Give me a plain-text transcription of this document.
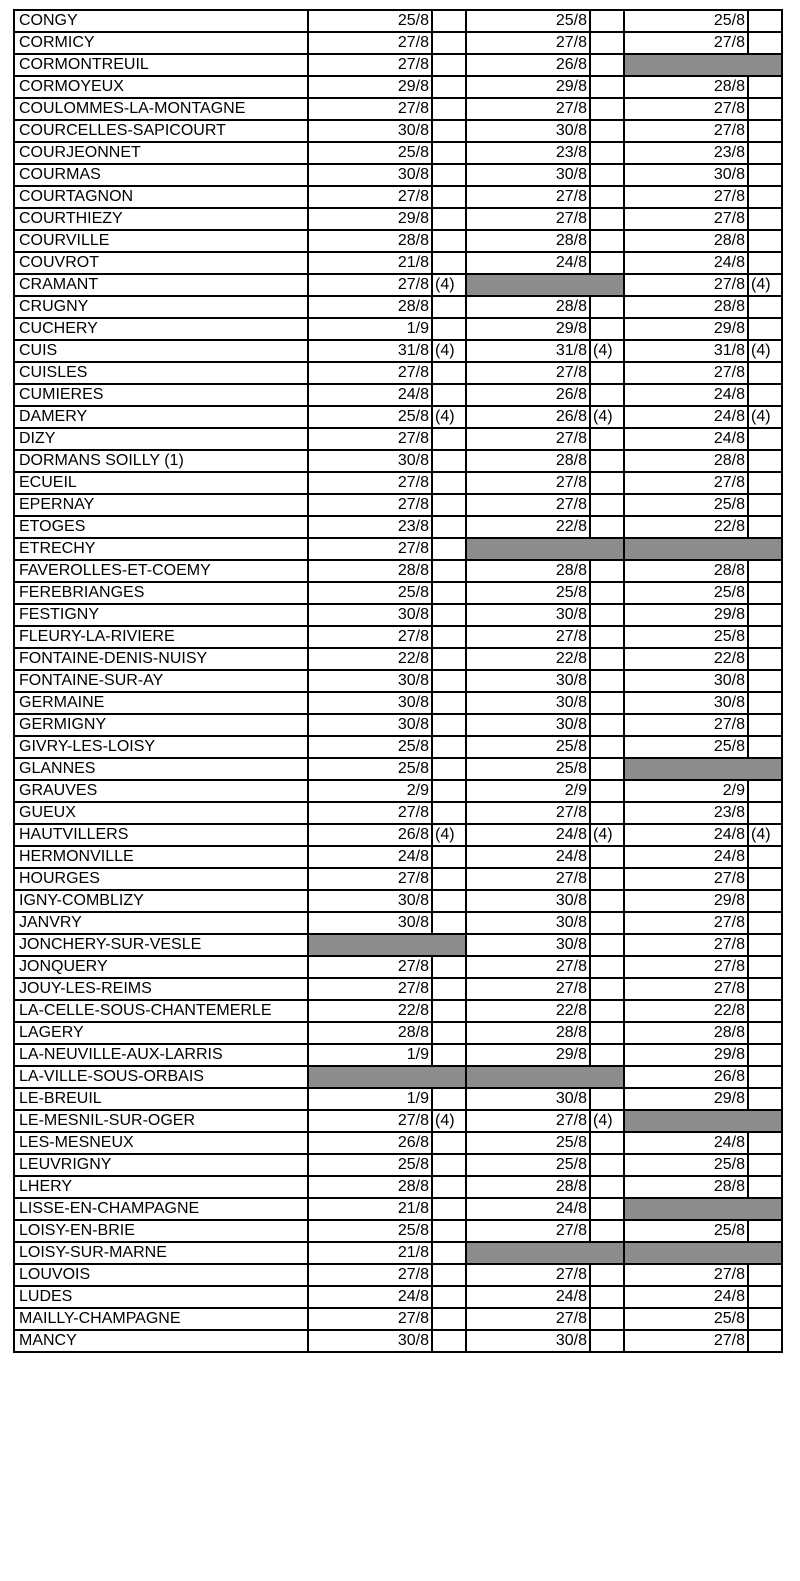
CONGY	25/8		25/8		25/8	
CORMICY	27/8		27/8		27/8	
CORMONTREUIL	27/8		26/8			
CORMOYEUX	29/8		29/8		28/8	
COULOMMES-LA-MONTAGNE	27/8		27/8		27/8	
COURCELLES-SAPICOURT	30/8		30/8		27/8	
COURJEONNET	25/8		23/8		23/8	
COURMAS	30/8		30/8		30/8	
COURTAGNON	27/8		27/8		27/8	
COURTHIEZY	29/8		27/8		27/8	
COURVILLE	28/8		28/8		28/8	
COUVROT	21/8		24/8		24/8	
CRAMANT	27/8	(4)			27/8	(4)
CRUGNY	28/8		28/8		28/8	
CUCHERY	1/9		29/8		29/8	
CUIS	31/8	(4)	31/8	(4)	31/8	(4)
CUISLES	27/8		27/8		27/8	
CUMIERES	24/8		26/8		24/8	
DAMERY	25/8	(4)	26/8	(4)	24/8	(4)
DIZY	27/8		27/8		24/8	
DORMANS SOILLY (1)	30/8		28/8		28/8	
ECUEIL	27/8		27/8		27/8	
EPERNAY	27/8		27/8		25/8	
ETOGES	23/8		22/8		22/8	
ETRECHY	27/8					
FAVEROLLES-ET-COEMY	28/8		28/8		28/8	
FEREBRIANGES	25/8		25/8		25/8	
FESTIGNY	30/8		30/8		29/8	
FLEURY-LA-RIVIERE	27/8		27/8		25/8	
FONTAINE-DENIS-NUISY	22/8		22/8		22/8	
FONTAINE-SUR-AY	30/8		30/8		30/8	
GERMAINE	30/8		30/8		30/8	
GERMIGNY	30/8		30/8		27/8	
GIVRY-LES-LOISY	25/8		25/8		25/8	
GLANNES	25/8		25/8			
GRAUVES	2/9		2/9		2/9	
GUEUX	27/8		27/8		23/8	
HAUTVILLERS	26/8	(4)	24/8	(4)	24/8	(4)
HERMONVILLE	24/8		24/8		24/8	
HOURGES	27/8		27/8		27/8	
IGNY-COMBLIZY	30/8		30/8		29/8	
JANVRY	30/8		30/8		27/8	
JONCHERY-SUR-VESLE			30/8		27/8	
JONQUERY	27/8		27/8		27/8	
JOUY-LES-REIMS	27/8		27/8		27/8	
LA-CELLE-SOUS-CHANTEMERLE	22/8		22/8		22/8	
LAGERY	28/8		28/8		28/8	
LA-NEUVILLE-AUX-LARRIS	1/9		29/8		29/8	
LA-VILLE-SOUS-ORBAIS					26/8	
LE-BREUIL	1/9		30/8		29/8	
LE-MESNIL-SUR-OGER	27/8	(4)	27/8	(4)		
LES-MESNEUX	26/8		25/8		24/8	
LEUVRIGNY	25/8		25/8		25/8	
LHERY	28/8		28/8		28/8	
LISSE-EN-CHAMPAGNE	21/8		24/8			
LOISY-EN-BRIE	25/8		27/8		25/8	
LOISY-SUR-MARNE	21/8					
LOUVOIS	27/8		27/8		27/8	
LUDES	24/8		24/8		24/8	
MAILLY-CHAMPAGNE	27/8		27/8		25/8	
MANCY	30/8		30/8		27/8	
